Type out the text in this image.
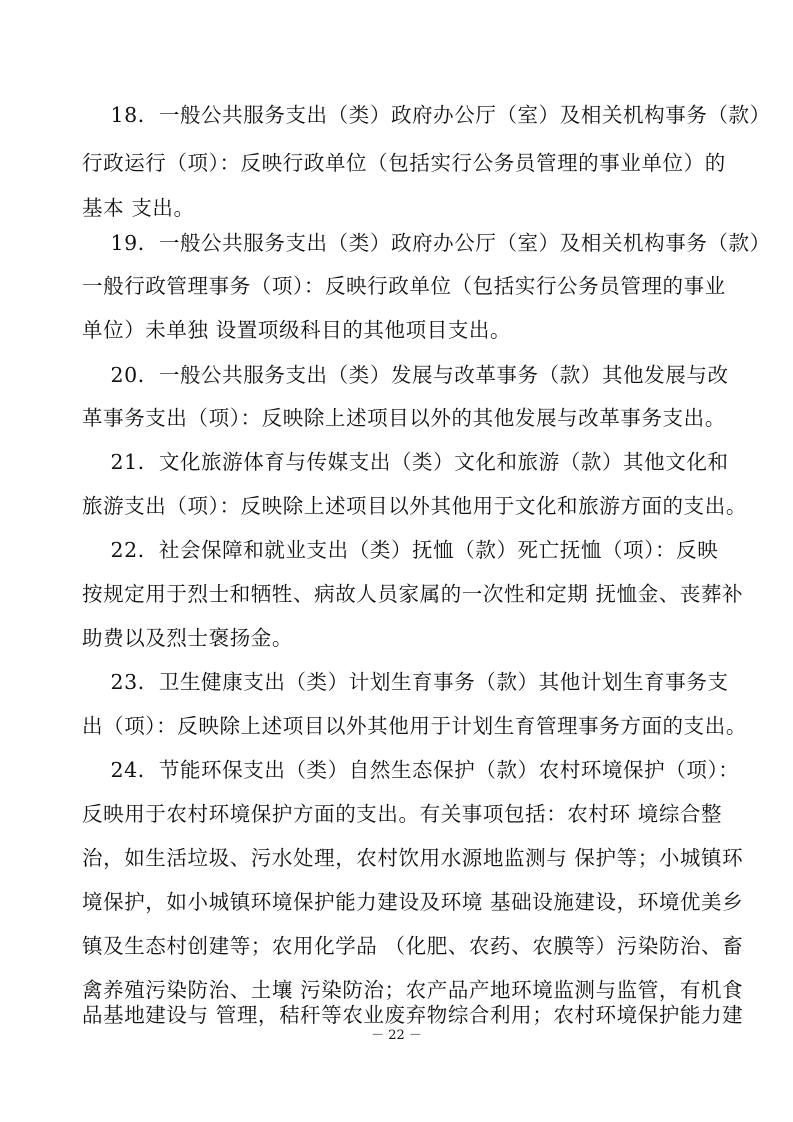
18．一般公共服务支出（类）政府办公厅（室）及相关机构事务（款）
行政运行（项）：反映行政单位（包括实行公务员管理的事业单位）的
基本 支出。
19．一般公共服务支出（类）政府办公厅（室）及相关机构事务（款）
一般行政管理事务（项）：反映行政单位（包括实行公务员管理的事业
单位）未单独 设置项级科目的其他项目支出。
20．一般公共服务支出（类）发展与改革事务（款）其他发展与改
革事务支出（项）：反映除上述项目以外的其他发展与改革事务支出。
21．文化旅游体育与传媒支出（类）文化和旅游（款）其他文化和
旅游支出（项）：反映除上述项目以外其他用于文化和旅游方面的支出。
22．社会保障和就业支出（类）抚恤（款）死亡抚恤（项）：反映
按规定用于烈士和牺牲、病故人员家属的一次性和定期 抚恤金、丧葬补
助费以及烈士褒扬金。
23．卫生健康支出（类）计划生育事务（款）其他计划生育事务支
出（项）：反映除上述项目以外其他用于计划生育管理事务方面的支出。
24．节能环保支出（类）自然生态保护（款）农村环境保护（项）：
反映用于农村环境保护方面的支出。有关事项包括：农村环 境综合整
治，如生活垃圾、污水处理，农村饮用水源地监测与 保护等；小城镇环
境保护，如小城镇环境保护能力建设及环境 基础设施建设，环境优美乡
镇及生态村创建等；农用化学品 （化肥、农药、农膜等）污染防治、畜
禽养殖污染防治、土壤 污染防治；农产品产地环境监测与监管，有机食
－ 22 －
品基地建设与 管理，秸秆等农业废弃物综合利用；农村环境保护能力建
